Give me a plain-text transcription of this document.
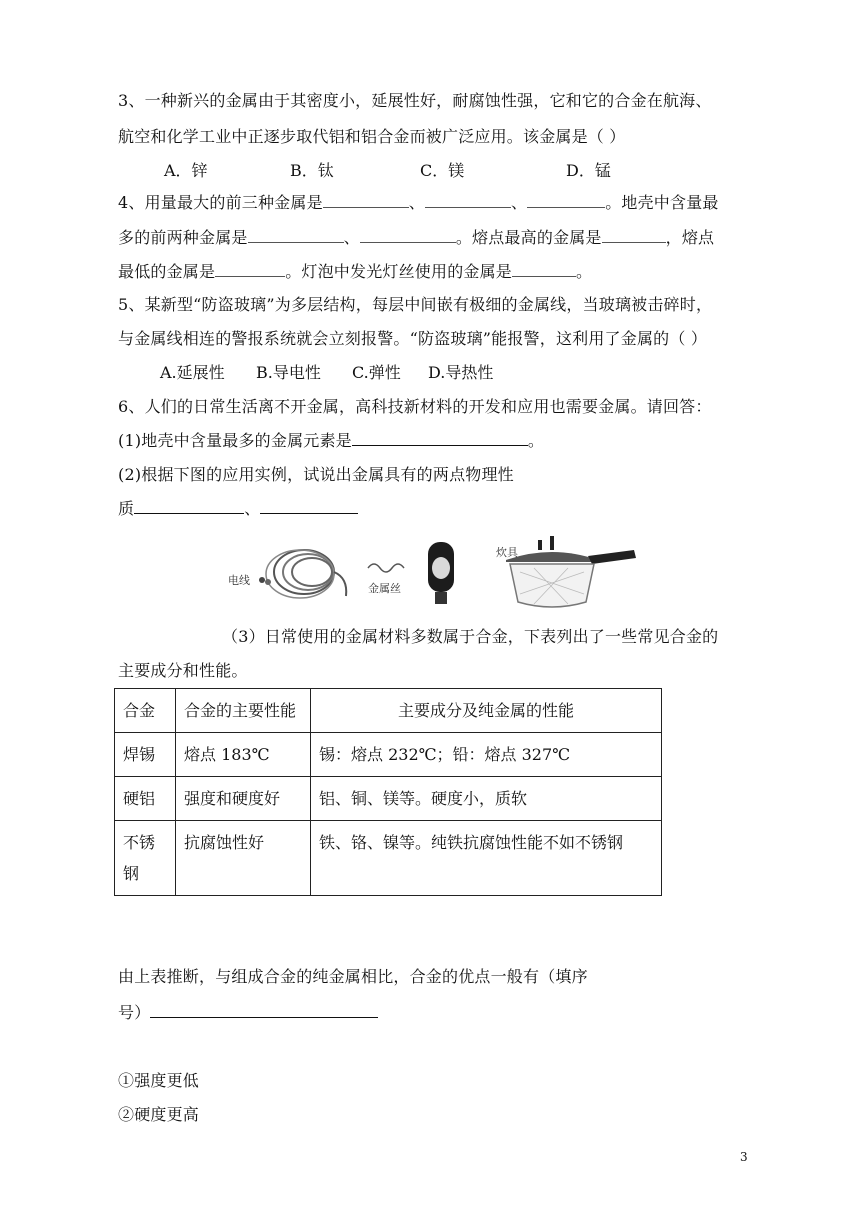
3、一种新兴的金属由于其密度小，延展性好，耐腐蚀性强，它和它的合金在航海、
航空和化学工业中正逐步取代铝和铝合金而被广泛应用。该金属是（ ）
A．锌	B．钛	C．镁	D．锰
4、用量最大的前三种金属是	、	、	。地壳中含量最
多的前两种金属是	、	。熔点最高的金属是	，熔点
最低的金属是	。灯泡中发光灯丝使用的金属是	。
5、某新型“防盗玻璃”为多层结构，每层中间嵌有极细的金属线，当玻璃被击碎时，
与金属线相连的警报系统就会立刻报警。“防盗玻璃”能报警，这利用了金属的（ ）
A.延展性 B.导电性 C.弹性 D.导热性
6、人们的日常生活离不开金属，高科技新材料的开发和应用也需要金属。请回答：
(1)地壳中含量最多的金属元素是	。
(2)根据下图的应用实例，试说出金属具有的两点物理性
质	、
电线
金属丝
炊具
（3）日常使用的金属材料多数属于合金，下表列出了一些常见合金的
主要成分和性能。
合金	合金的主要性能	主要成分及纯金属的性能
焊锡	熔点 183℃	锡：熔点 232℃；铅：熔点 327℃
硬铝	强度和硬度好	铝、铜、镁等。硬度小，质软
不锈钢	抗腐蚀性好	铁、铬、镍等。纯铁抗腐蚀性能不如不锈钢
由上表推断，与组成合金的纯金属相比，合金的优点一般有（填序
号）
①强度更低
②硬度更高
3
